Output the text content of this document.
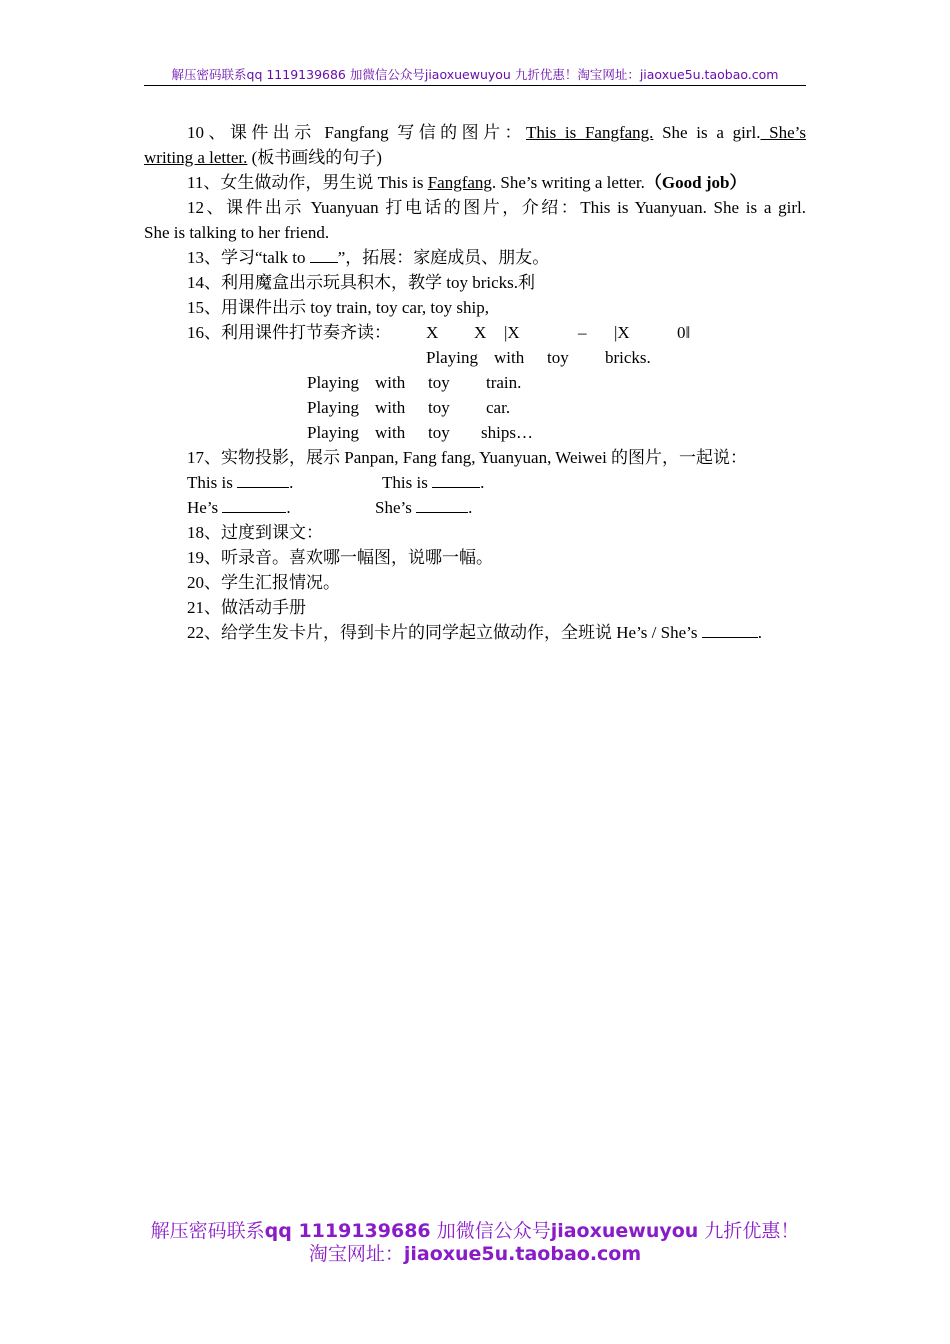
解压密码联系qq 1119139686 加微信公众号jiaoxuewuyou 九折优惠！淘宝网址：jiaoxue5u.taobao.com
10、课件出示 Fangfang 写信的图片：This is Fangfang. She is a girl. She’s
writing a letter. (板书画线的句子)
11、女生做动作，男生说 This is Fangfang. She’s writing a letter.（Good job）
12、课件出示 Yuanyuan 打电话的图片，介绍：This is Yuanyuan. She is a girl.
She is talking to her friend.
13、学习“talk to ”，拓展：家庭成员、朋友。
14、利用魔盒出示玩具积木，教学 toy bricks.利
15、用课件出示 toy train, toy car, toy ship,
16、利用课件打节奏齐读： X X |X	– |X	0‖
Playing with toy bricks.
Playing with toy train.
Playing with toy car.
Playing with toy ships…
17、实物投影，展示 Panpan, Fang fang, Yuanyuan, Weiwei 的图片，一起说：
This is	.	This is	.
He’s	.	She’s	.
18、过度到课文：
19、听录音。喜欢哪一幅图，说哪一幅。
20、学生汇报情况。
21、做活动手册
22、给学生发卡片，得到卡片的同学起立做动作，全班说 He’s / She’s	.
解压密码联系qq 1119139686 加微信公众号jiaoxuewuyou 九折优惠！
淘宝网址：jiaoxue5u.taobao.com
